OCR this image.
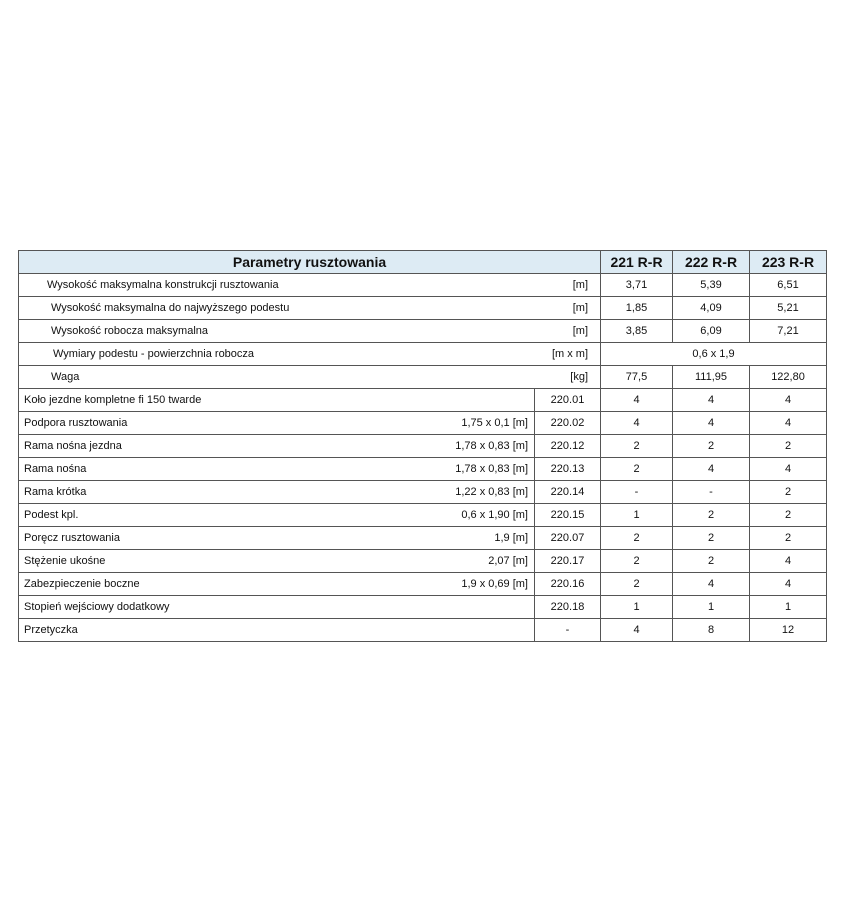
Parametry rusztowania		221 R-R	222 R-R	223 R-R
Wysokość maksymalna konstrukcji rusztowania [m]		3,71	5,39	6,51
Wysokość maksymalna do najwyższego podestu [m]		1,85	4,09	5,21
Wysokość robocza maksymalna [m]		3,85	6,09	7,21
Wymiary podestu - powierzchnia robocza [m x m]		0,6 x 1,9		
Waga [kg]		77,5	111,95	122,80
Koło jezdne kompletne fi 150 twarde	220.01	4	4	4
Podpora rusztowania 1,75 x 0,1 [m]	220.02	4	4	4
Rama nośna jezdna 1,78 x 0,83 [m]	220.12	2	2	2
Rama nośna 1,78 x 0,83 [m]	220.13	2	4	4
Rama krótka 1,22 x 0,83 [m]	220.14	-	-	2
Podest kpl. 0,6 x 1,90 [m]	220.15	1	2	2
Poręcz rusztowania 1,9 [m]	220.07	2	2	2
Stężenie ukośne 2,07 [m]	220.17	2	2	4
Zabezpieczenie boczne 1,9 x 0,69 [m]	220.16	2	4	4
Stopień wejściowy dodatkowy	220.18	1	1	1
Przetyczka	-	4	8	12
